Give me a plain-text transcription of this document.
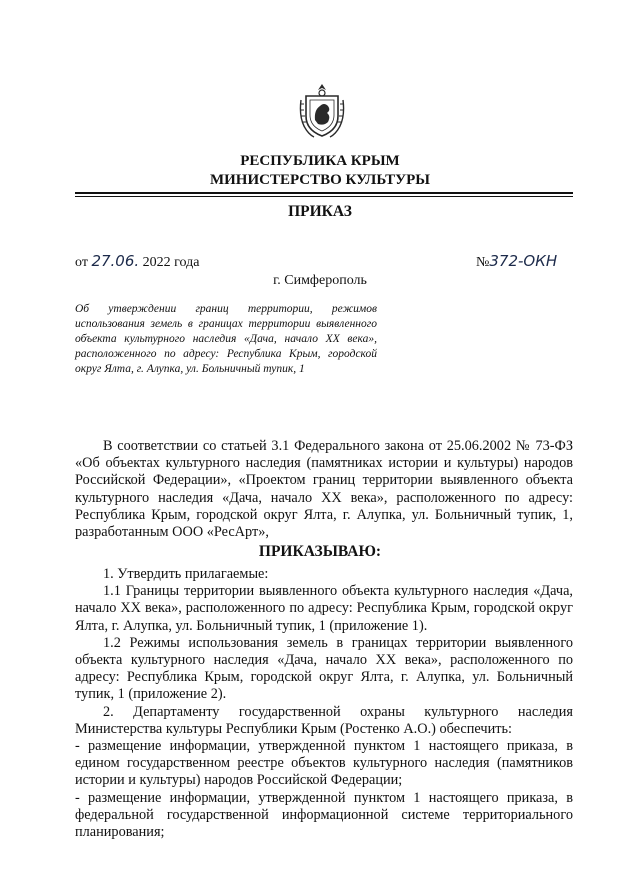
РЕСПУБЛИКА КРЫМ
МИНИСТЕРСТВО КУЛЬТУРЫ
ПРИКАЗ
от 27.06. 2022 года	№372-ОКН
г. Симферополь
Об утверждении границ территории, режимов использования земель в границах территории выявленного объекта культурного наследия «Дача, начало XX века», расположенного по адресу: Республика Крым, городской округ Ялта, г. Алупка, ул. Больничный тупик, 1

В соответствии со статьей 3.1 Федерального закона от 25.06.2002 № 73-ФЗ «Об объектах культурного наследия (памятниках истории и культуры) народов Российской Федерации», «Проектом границ территории выявленного объекта культурного наследия «Дача, начало XX века», расположенного по адресу: Республика Крым, городской округ Ялта, г. Алупка, ул. Больничный тупик, 1, разработанным ООО «РесАрт»,

ПРИКАЗЫВАЮ:

1. Утвердить прилагаемые:

1.1 Границы территории выявленного объекта культурного наследия «Дача, начало XX века», расположенного по адресу: Республика Крым, городской округ Ялта, г. Алупка, ул. Больничный тупик, 1 (приложение 1).

1.2 Режимы использования земель в границах территории выявленного объекта культурного наследия «Дача, начало XX века», расположенного по адресу: Республика Крым, городской округ Ялта, г. Алупка, ул. Больничный тупик, 1 (приложение 2).

2. Департаменту государственной охраны культурного наследия Министерства культуры Республики Крым (Ростенко А.О.) обеспечить:

- размещение информации, утвержденной пунктом 1 настоящего приказа, в едином государственном реестре объектов культурного наследия (памятников истории и культуры) народов Российской Федерации;

- размещение информации, утвержденной пунктом 1 настоящего приказа, в федеральной государственной информационной системе территориального планирования;
